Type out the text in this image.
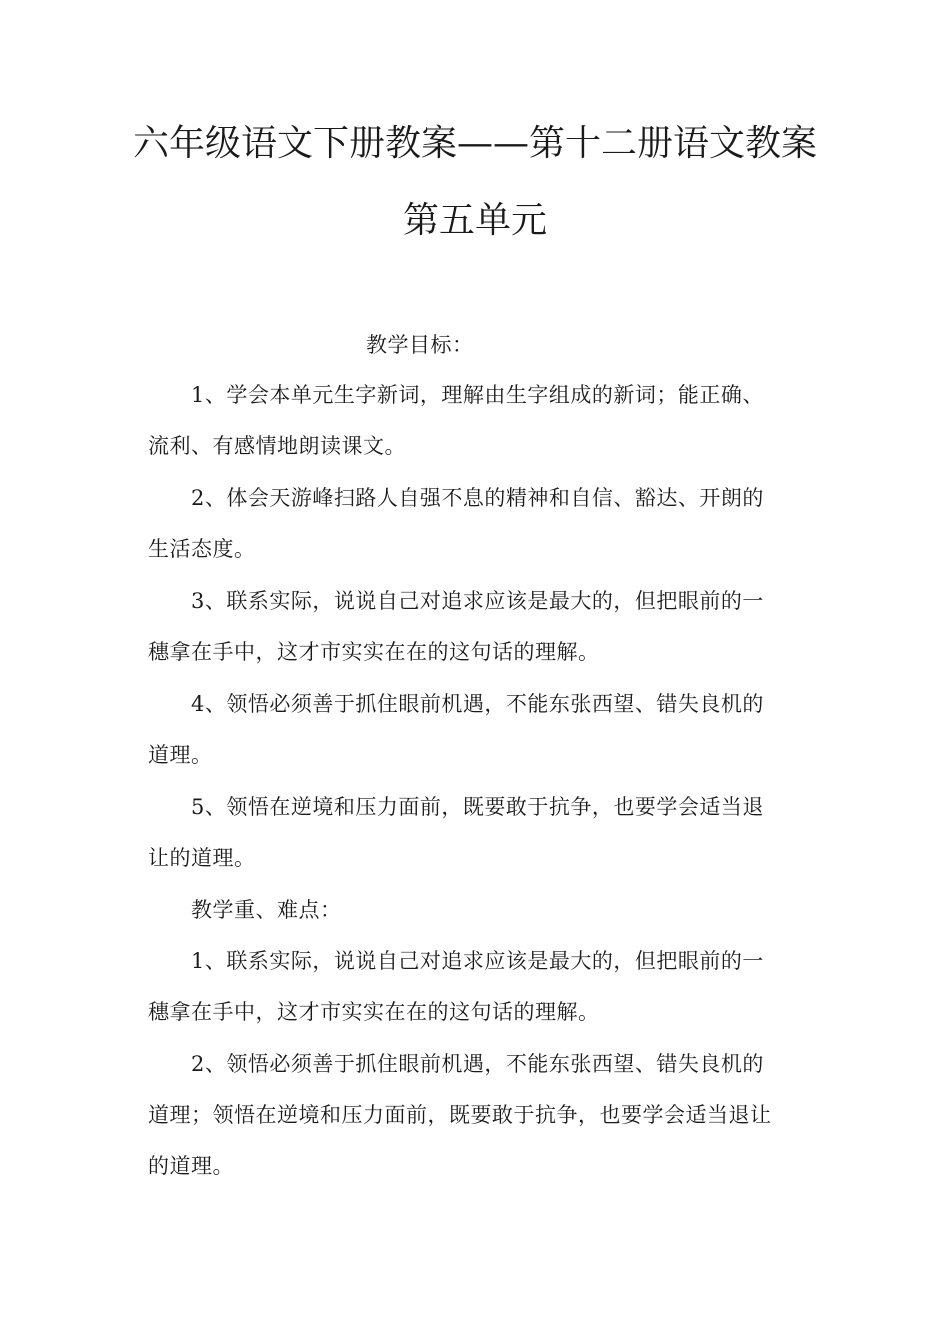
六年级语文下册教案——第十二册语文教案
第五单元
教学目标：
1、学会本单元生字新词，理解由生字组成的新词；能正确、
流利、有感情地朗读课文。
2、体会天游峰扫路人自强不息的精神和自信、豁达、开朗的
生活态度。
3、联系实际，说说自己对追求应该是最大的，但把眼前的一
穗拿在手中，这才市实实在在的这句话的理解。
4、领悟必须善于抓住眼前机遇，不能东张西望、错失良机的
道理。
5、领悟在逆境和压力面前，既要敢于抗争，也要学会适当退
让的道理。
教学重、难点：
1、联系实际，说说自己对追求应该是最大的，但把眼前的一
穗拿在手中，这才市实实在在的这句话的理解。
2、领悟必须善于抓住眼前机遇，不能东张西望、错失良机的
道理；领悟在逆境和压力面前，既要敢于抗争，也要学会适当退让
的道理。
